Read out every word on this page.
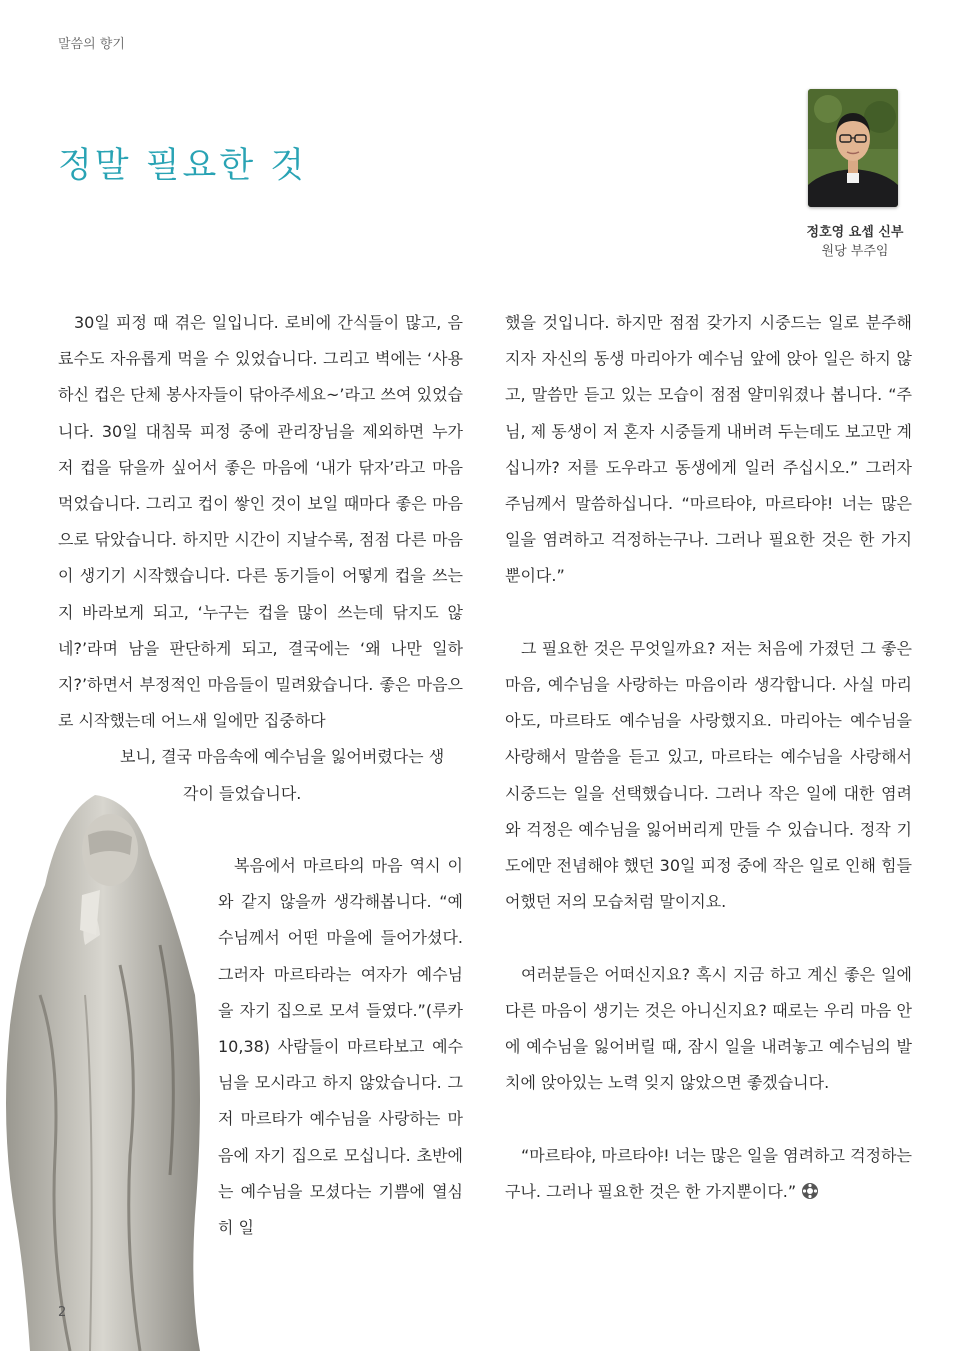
말씀의 향기
정말 필요한 것
정호영 요셉 신부
원당 부주임

30일 피정 때 겪은 일입니다. 로비에 간식들이 많고, 음료수도 자유롭게 먹을 수 있었습니다. 그리고 벽에는 ‘사용하신 컵은 단체 봉사자들이 닦아주세요~’라고 쓰여 있었습니다. 30일 대침묵 피정 중에 관리장님을 제외하면 누가 저 컵을 닦을까 싶어서 좋은 마음에 ‘내가 닦자’라고 마음먹었습니다. 그리고 컵이 쌓인 것이 보일 때마다 좋은 마음으로 닦았습니다. 하지만 시간이 지날수록, 점점 다른 마음이 생기기 시작했습니다. 다른 동기들이 어떻게 컵을 쓰는지 바라보게 되고, ‘누구는 컵을 많이 쓰는데 닦지도 않네?’라며 남을 판단하게 되고, 결국에는 ‘왜 나만 일하지?’하면서 부정적인 마음들이 밀려왔습니다. 좋은 마음으로 시작했는데 어느새 일에만 집중하다

보니, 결국 마음속에 예수님을 잃어버렸다는 생

각이 들었습니다.

복음에서 마르타의 마음 역시 이와 같지 않을까 생각해봅니다. “예수님께서 어떤 마을에 들어가셨다. 그러자 마르타라는 여자가 예수님을 자기 집으로 모셔 들였다.”(루카 10,38) 사람들이 마르타보고 예수님을 모시라고 하지 않았습니다. 그저 마르타가 예수님을 사랑하는 마음에 자기 집으로 모십니다. 초반에는 예수님을 모셨다는 기쁨에 열심히 일

했을 것입니다. 하지만 점점 갖가지 시중드는 일로 분주해지자 자신의 동생 마리아가 예수님 앞에 앉아 일은 하지 않고, 말씀만 듣고 있는 모습이 점점 얄미워졌나 봅니다. “주님, 제 동생이 저 혼자 시중들게 내버려 두는데도 보고만 계십니까? 저를 도우라고 동생에게 일러 주십시오.” 그러자 주님께서 말씀하십니다. “마르타야, 마르타야! 너는 많은 일을 염려하고 걱정하는구나. 그러나 필요한 것은 한 가지뿐이다.”

그 필요한 것은 무엇일까요? 저는 처음에 가졌던 그 좋은 마음, 예수님을 사랑하는 마음이라 생각합니다. 사실 마리아도, 마르타도 예수님을 사랑했지요. 마리아는 예수님을 사랑해서 말씀을 듣고 있고, 마르타는 예수님을 사랑해서 시중드는 일을 선택했습니다. 그러나 작은 일에 대한 염려와 걱정은 예수님을 잃어버리게 만들 수 있습니다. 정작 기도에만 전념해야 했던 30일 피정 중에 작은 일로 인해 힘들어했던 저의 모습처럼 말이지요.

여러분들은 어떠신지요? 혹시 지금 하고 계신 좋은 일에 다른 마음이 생기는 것은 아니신지요? 때로는 우리 마음 안에 예수님을 잃어버릴 때, 잠시 일을 내려놓고 예수님의 발치에 앉아있는 노력 잊지 않았으면 좋겠습니다.

“마르타야, 마르타야! 너는 많은 일을 염려하고 걱정하는구나. 그러나 필요한 것은 한 가지뿐이다.”

2
